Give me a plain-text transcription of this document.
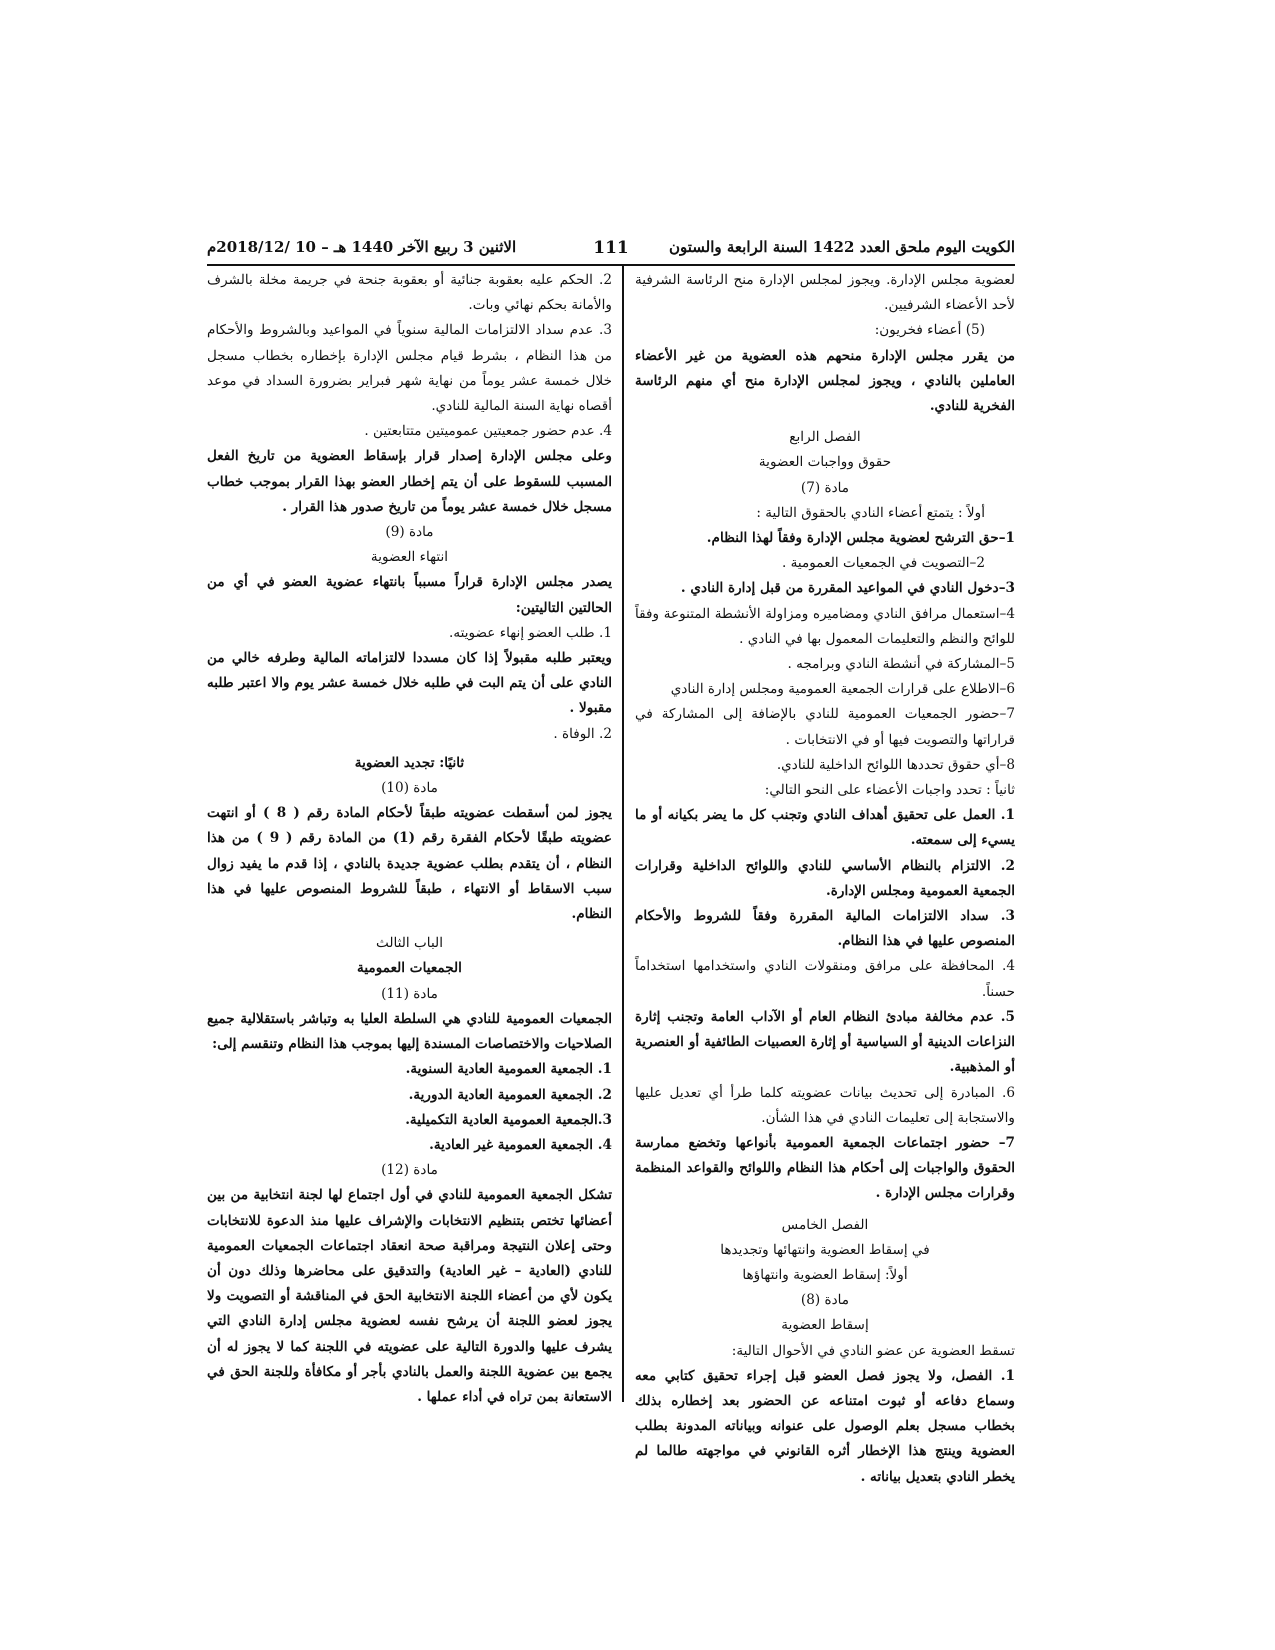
الكويت اليوم ملحق العدد 1422 السنة الرابعة والستون
111
الاثنين 3 ربيع الآخر 1440 هـ – 10 /2018/12م

لعضوية مجلس الإدارة. ويجوز لمجلس الإدارة منح الرئاسة الشرفية لأحد الأعضاء الشرفيين.

(5) أعضاء فخريون:

من يقرر مجلس الإدارة منحهم هذه العضوية من غير الأعضاء العاملين بالنادي ، ويجوز لمجلس الإدارة منح أي منهم الرئاسة الفخرية للنادي.

الفصل الرابع

حقوق وواجبات العضوية

مادة (7)

أولاً : يتمتع أعضاء النادي بالحقوق التالية :

1–حق الترشح لعضوية مجلس الإدارة وفقاً لهذا النظام.

2–التصويت في الجمعيات العمومية .

3–دخول النادي في المواعيد المقررة من قبل إدارة النادي .

4–استعمال مرافق النادي ومضاميره ومزاولة الأنشطة المتنوعة وفقاً للوائح والنظم والتعليمات المعمول بها في النادي .

5–المشاركة في أنشطة النادي وبرامجه .

6–الاطلاع على قرارات الجمعية العمومية ومجلس إدارة النادي

7–حضور الجمعيات العمومية للنادي بالإضافة إلى المشاركة في قراراتها والتصويت فيها أو في الانتخابات .

8–أي حقوق تحددها اللوائح الداخلية للنادي.

ثانياً : تحدد واجبات الأعضاء على النحو التالي:

1. العمل على تحقيق أهداف النادي وتجنب كل ما يضر بكيانه أو ما يسيء إلى سمعته.

2. الالتزام بالنظام الأساسي للنادي واللوائح الداخلية وقرارات الجمعية العمومية ومجلس الإدارة.

3. سداد الالتزامات المالية المقررة وفقاً للشروط والأحكام المنصوص عليها في هذا النظام.

4. المحافظة على مرافق ومنقولات النادي واستخدامها استخداماً حسناً.

5. عدم مخالفة مبادئ النظام العام أو الآداب العامة وتجنب إثارة النزاعات الدينية أو السياسية أو إثارة العصبيات الطائفية أو العنصرية أو المذهبية.

6. المبادرة إلى تحديث بيانات عضويته كلما طرأ أي تعديل عليها والاستجابة إلى تعليمات النادي في هذا الشأن.

7– حضور اجتماعات الجمعية العمومية بأنواعها وتخضع ممارسة الحقوق والواجبات إلى أحكام هذا النظام واللوائح والقواعد المنظمة وقرارات مجلس الإدارة .

الفصل الخامس

في إسقاط العضوية وانتهائها وتجديدها

أولاً: إسقاط العضوية وانتهاؤها

مادة (8)

إسقاط العضوية

تسقط العضوية عن عضو النادي في الأحوال التالية:

1. الفصل، ولا يجوز فصل العضو قبل إجراء تحقيق كتابي معه وسماع دفاعه أو ثبوت امتناعه عن الحضور بعد إخطاره بذلك بخطاب مسجل بعلم الوصول على عنوانه وبياناته المدونة بطلب العضوية وينتج هذا الإخطار أثره القانوني في مواجهته طالما لم يخطر النادي بتعديل بياناته .

2. الحكم عليه بعقوبة جنائية أو بعقوبة جنحة في جريمة مخلة بالشرف والأمانة بحكم نهائي وبات.

3. عدم سداد الالتزامات المالية سنوياً في المواعيد وبالشروط والأحكام من هذا النظام ، بشرط قيام مجلس الإدارة بإخطاره بخطاب مسجل خلال خمسة عشر يوماً من نهاية شهر فبراير بضرورة السداد في موعد أقصاه نهاية السنة المالية للنادي.

4. عدم حضور جمعيتين عموميتين متتابعتين .

وعلى مجلس الإدارة إصدار قرار بإسقاط العضوية من تاريخ الفعل المسبب للسقوط على أن يتم إخطار العضو بهذا القرار بموجب خطاب مسجل خلال خمسة عشر يوماً من تاريخ صدور هذا القرار .

مادة (9)

انتهاء العضوية

يصدر مجلس الإدارة قراراً مسبباً بانتهاء عضوية العضو في أي من الحالتين التاليتين:

1. طلب العضو إنهاء عضويته.

ويعتبر طلبه مقبولاً إذا كان مسددا لالتزاماته المالية وطرفه خالي من النادي على أن يتم البت في طلبه خلال خمسة عشر يوم والا اعتبر طلبه مقبولا .

2. الوفاة .

ثانيًا: تجديد العضوية

مادة (10)

يجوز لمن أسقطت عضويته طبقاً لأحكام المادة رقم ( 8 ) أو انتهت عضويته طبقًا لأحكام الفقرة رقم (1) من المادة رقم ( 9 ) من هذا النظام ، أن يتقدم بطلب عضوية جديدة بالنادي ، إذا قدم ما يفيد زوال سبب الاسقاط أو الانتهاء ، طبقاً للشروط المنصوص عليها في هذا النظام.

الباب الثالث

الجمعيات العمومية

مادة (11)

الجمعيات العمومية للنادي هي السلطة العليا به وتباشر باستقلالية جميع الصلاحيات والاختصاصات المسندة إليها بموجب هذا النظام وتنقسم إلى:

1. الجمعية العمومية العادية السنوية.

2. الجمعية العمومية العادية الدورية.

3.الجمعية العمومية العادية التكميلية.

4. الجمعية العمومية غير العادية.

مادة (12)

تشكل الجمعية العمومية للنادي في أول اجتماع لها لجنة انتخابية من بين أعضائها تختص بتنظيم الانتخابات والإشراف عليها منذ الدعوة للانتخابات وحتى إعلان النتيجة ومراقبة صحة انعقاد اجتماعات الجمعيات العمومية للنادي (العادية – غير العادية) والتدقيق على محاضرها وذلك دون أن يكون لأي من أعضاء اللجنة الانتخابية الحق في المناقشة أو التصويت ولا يجوز لعضو اللجنة أن يرشح نفسه لعضوية مجلس إدارة النادي التي يشرف عليها والدورة التالية على عضويته في اللجنة كما لا يجوز له أن يجمع بين عضوية اللجنة والعمل بالنادي بأجر أو مكافأة وللجنة الحق في الاستعانة بمن تراه في أداء عملها .
